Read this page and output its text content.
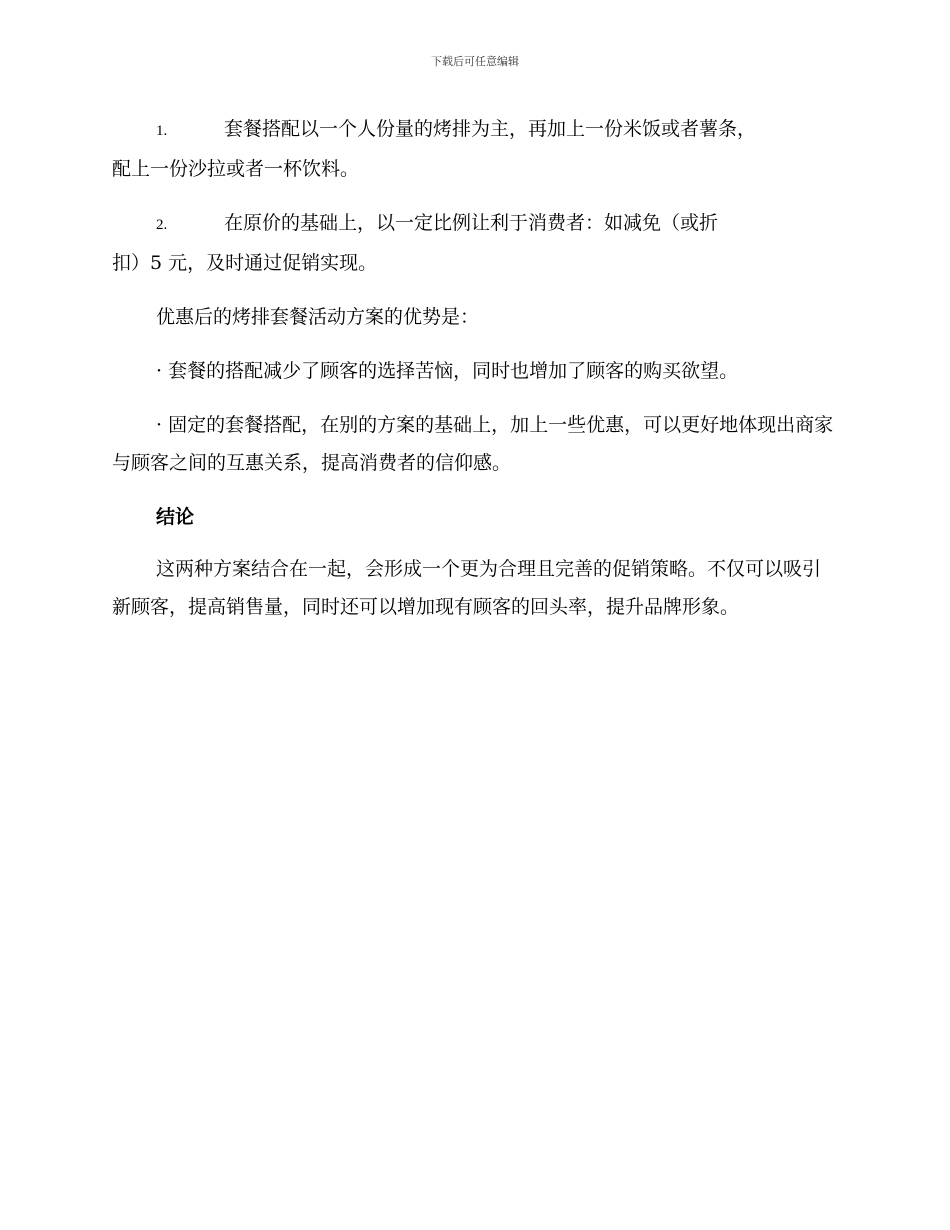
下载后可任意编辑
1.	套餐搭配以一个人份量的烤排为主，再加上一份米饭或者薯条，
配上一份沙拉或者一杯饮料。
2.	在原价的基础上，以一定比例让利于消费者：如减免（或折
扣）5 元，及时通过促销实现。

优惠后的烤排套餐活动方案的优势是：

· 套餐的搭配减少了顾客的选择苦恼，同时也增加了顾客的购买欲望。

· 固定的套餐搭配，在别的方案的基础上，加上一些优惠，可以更好地体现出商家与顾客之间的互惠关系，提高消费者的信仰感。

结论

这两种方案结合在一起，会形成一个更为合理且完善的促销策略。不仅可以吸引新顾客，提高销售量，同时还可以增加现有顾客的回头率，提升品牌形象。
